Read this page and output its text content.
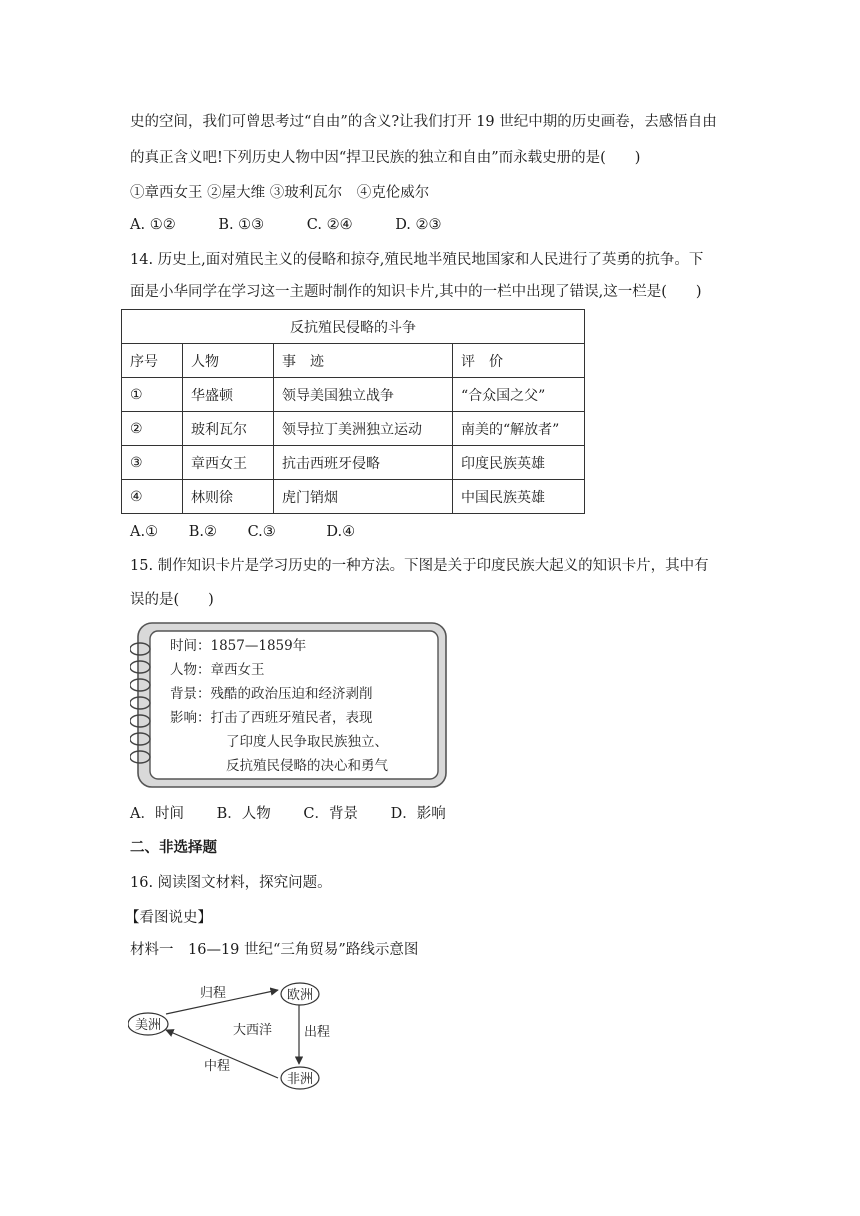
史的空间，我们可曾思考过“自由”的含义?让我们打开 19 世纪中期的历史画卷，去感悟自由
的真正含义吧!下列历史人物中因“捍卫民族的独立和自由”而永载史册的是(　　)
①章西女王 ②屋大维 ③玻利瓦尔　④克伦威尔
A. ①②	B. ①③	C. ②④	D. ②③
14. 历史上,面对殖民主义的侵略和掠夺,殖民地半殖民地国家和人民进行了英勇的抗争。下
面是小华同学在学习这一主题时制作的知识卡片,其中的一栏中出现了错误,这一栏是(　　)
反抗殖民侵略的斗争			
序号	人物	事　迹	评　价
①	华盛顿	领导美国独立战争	“合众国之父”
②	玻利瓦尔	领导拉丁美洲独立运动	南美的“解放者”
③	章西女王	抗击西班牙侵略	印度民族英雄
④	林则徐	虎门销烟	中国民族英雄
A.① B.② C.③	D.④
15. 制作知识卡片是学习历史的一种方法。下图是关于印度民族大起义的知识卡片，其中有
误的是(　　)
时间：1857—1859年
人物：章西女王
背景：残酷的政治压迫和经济剥削
影响：打击了西班牙殖民者，表现
了印度人民争取民族独立、
反抗殖民侵略的决心和勇气
A．时间 B．人物 C．背景 D．影响
二、非选择题
16. 阅读图文材料，探究问题。
【看图说史】
材料一　16—19 世纪“三角贸易”路线示意图
欧洲
美洲
非洲
归程
出程
中程
大西洋
